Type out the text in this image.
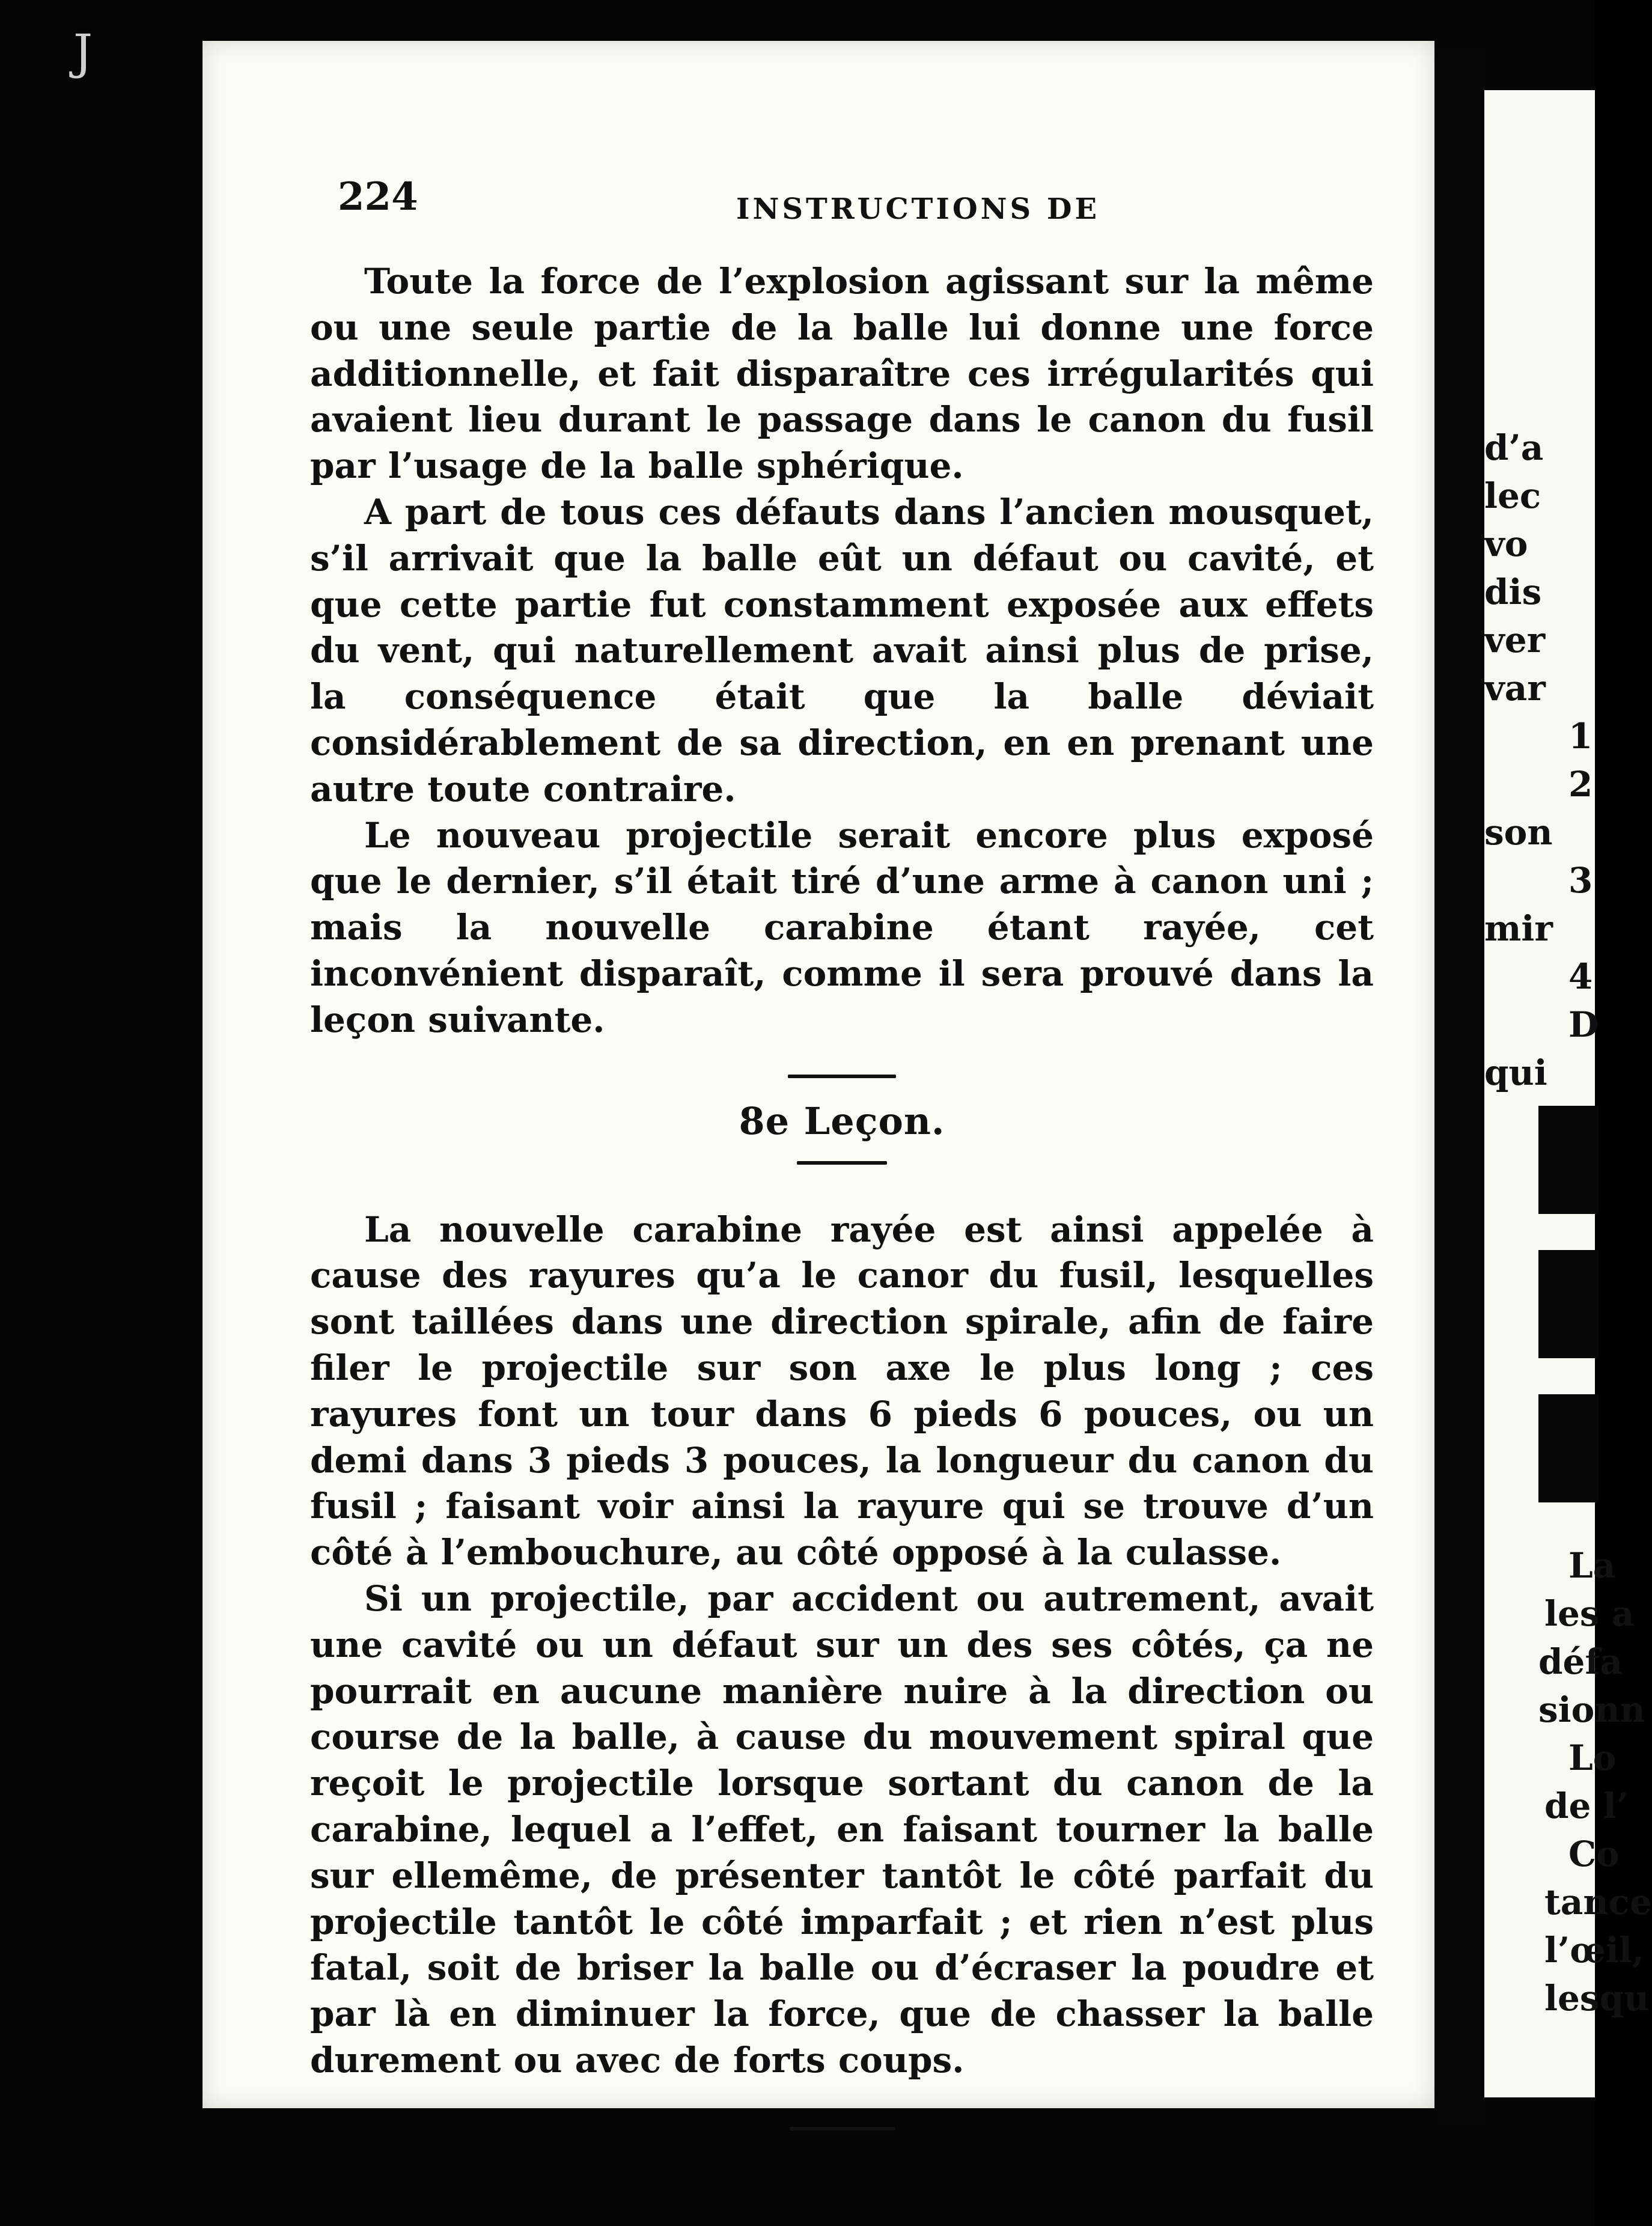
J
224	INSTRUCTIONS DE

Toute la force de l’explosion agissant sur la même ou une seule partie de la balle lui donne une force additionnelle, et fait disparaître ces irrégularités qui avaient lieu durant le passage dans le canon du fusil par l’usage de la balle sphérique.

A part de tous ces défauts dans l’ancien mousquet, s’il arrivait que la balle eût un défaut ou cavité, et que cette partie fut constamment exposée aux effets du vent, qui naturellement avait ainsi plus de prise, la conséquence était que la balle déviait considérablement de sa direction, en en prenant une autre toute contraire.

Le nouveau projectile serait encore plus exposé que le dernier, s’il était tiré d’une arme à canon uni ; mais la nouvelle carabine étant rayée, cet inconvénient disparaît, comme il sera prouvé dans la leçon suivante.

8e Leçon.

La nouvelle carabine rayée est ainsi appelée à cause des rayures qu’a le canor du fusil, lesquelles sont taillées dans une direction spirale, afin de faire filer le projectile sur son axe le plus long ; ces rayures font un tour dans 6 pieds 6 pouces, ou un demi dans 3 pieds 3 pouces, la longueur du canon du fusil ; faisant voir ainsi la rayure qui se trouve d’un côté à l’embouchure, au côté opposé à la culasse.

Si un projectile, par accident ou autrement, avait une cavité ou un défaut sur un des ses côtés, ça ne pourrait en aucune manière nuire à la direction ou course de la balle, à cause du mouvement spiral que reçoit le projectile lorsque sortant du canon de la carabine, lequel a l’effet, en faisant tourner la balle sur ellemême, de présenter tantôt le côté parfait du projectile tantôt le côté imparfait ; et rien n’est plus fatal, soit de briser la balle ou d’écraser la poudre et par là en diminuer la force, que de chasser la balle durement ou avec de forts coups.

d’a
lec
vo
dis
ver
var
1
2
son
3
mir
4
D
qui
La
les a
défa
sionn
Lo
de l’
Co
tance
l’œil,
lesqu
